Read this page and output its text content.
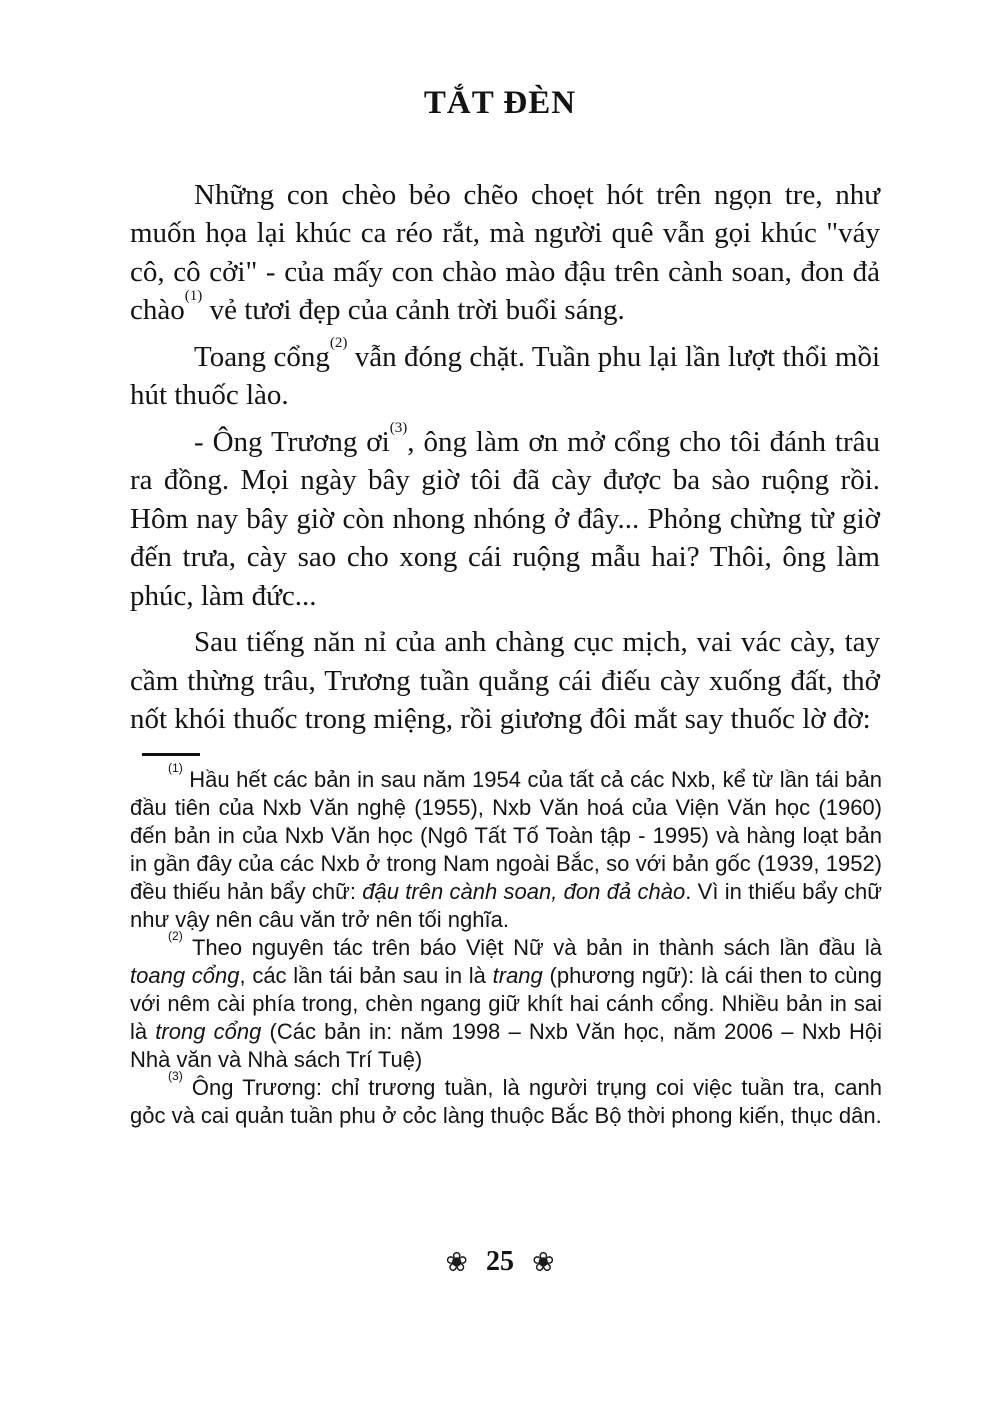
TẮT ĐÈN

Những con chèo bẻo chẽo choẹt hót trên ngọn tre, như muốn họa lại khúc ca réo rắt, mà người quê vẫn gọi khúc "váy cô, cô cởi" - của mấy con chào mào đậu trên cành soan, đon đả chào$^{(1)}$ vẻ tươi đẹp của cảnh trời buổi sáng.

Toang cổng$^{(2)}$ vẫn đóng chặt. Tuần phu lại lần lượt thổi mồi hút thuốc lào.

- Ông Trương $ơi^{(3)}$, ông làm ơn mở cổng cho tôi đánh trâu ra đồng. Mọi ngày bây giờ tôi đã cày được ba sào ruộng rồi. Hôm nay bây giờ còn nhong nhóng ở đây... Phỏng chừng từ giờ đến trưa, cày sao cho xong cái ruộng mẫu hai? Thôi, ông làm phúc, làm đức...

Sau tiếng năn nỉ của anh chàng cục mịch, vai vác cày, tay cầm thừng trâu, Trương tuần quẳng cái điếu cày xuống đất, thở nốt khói thuốc trong miệng, rồi giương đôi mắt say thuốc lờ đờ:

$^{(1)}$ Hầu hết các bản in sau năm 1954 của tất cả các Nxb, kể từ lần tái bản đầu tiên của Nxb Văn nghệ (1955), Nxb Văn hoá của Viện Văn học (1960) đến bản in của Nxb Văn học (Ngô Tất Tố Toàn tập - 1995) và hàng loạt bản in gần đây của các Nxb ở trong Nam ngoài Bắc, so với bản gốc (1939, 1952) đều thiếu hản bẩy chữ: đậu trên cành soan, đon đả chào. Vì in thiếu bẩy chữ như vậy nên câu văn trở nên tối nghĩa.

$^{(2)}$ Theo nguyên tác trên báo Việt Nữ và bản in thành sách lần đầu là toang cổng, các lần tái bản sau in là trang (phương ngữ): là cái then to cùng với nêm cài phía trong, chèn ngang giữ khít hai cánh cổng. Nhiều bản in sai là trong cổng (Các bản in: năm 1998 – Nxb Văn học, năm 2006 – Nxb Hội Nhà văn và Nhà sách Trí Tuệ)

$^{(3)}$ Ông Trương: chỉ trương tuần, là người trụng coi việc tuần tra, canh gỏc và cai quản tuần phu ở cỏc làng thuộc Bắc Bộ thời phong kiến, thục dân.

❀ 25 ❀
